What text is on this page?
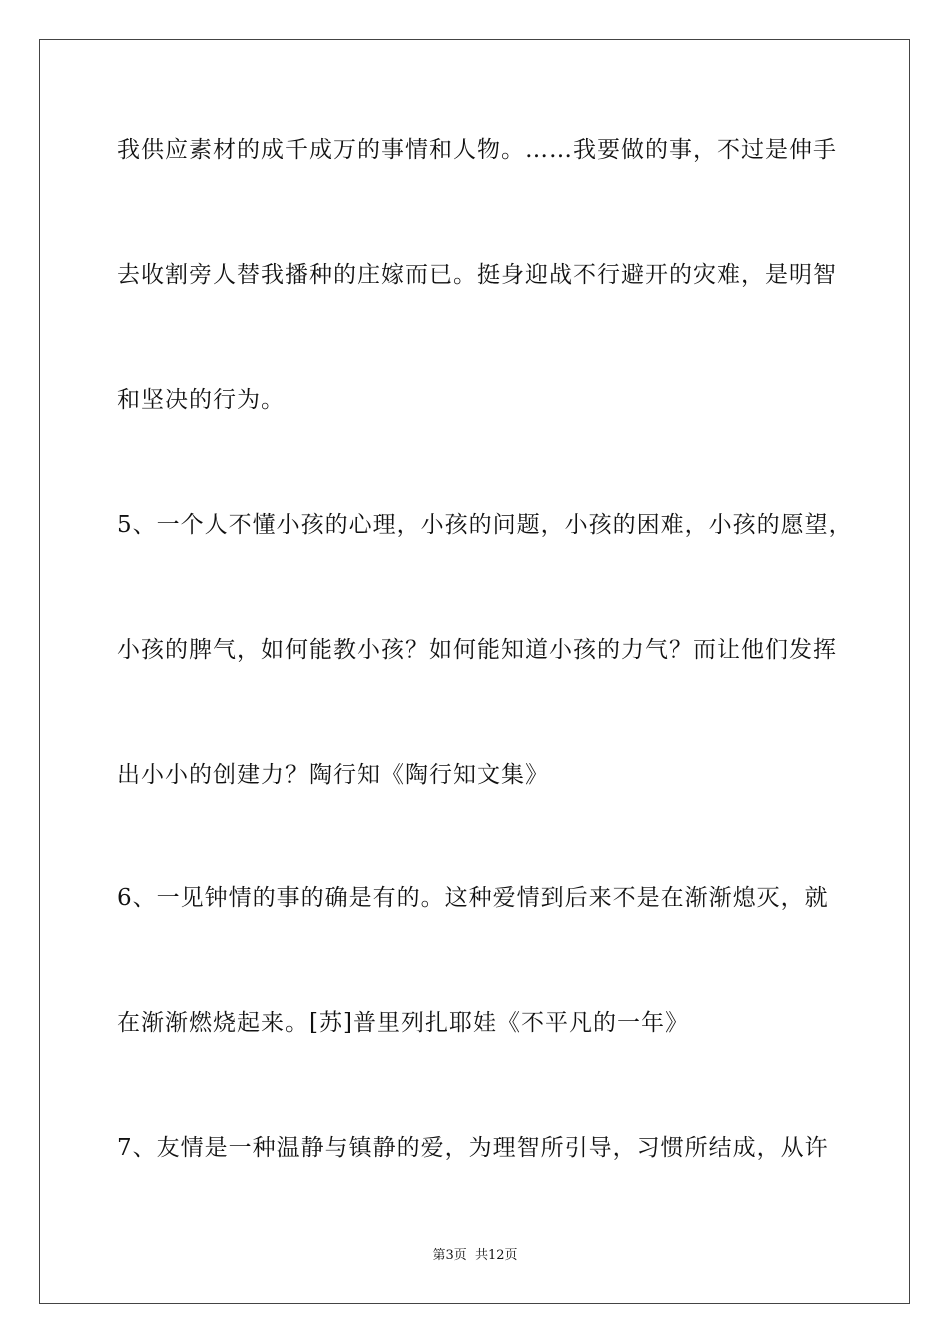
我供应素材的成千成万的事情和人物。……我要做的事，不过是伸手
去收割旁人替我播种的庄嫁而已。挺身迎战不行避开的灾难，是明智
和坚决的行为。
5、一个人不懂小孩的心理，小孩的问题，小孩的困难，小孩的愿望，
小孩的脾气，如何能教小孩？如何能知道小孩的力气？而让他们发挥
出小小的创建力？陶行知《陶行知文集》
6、一见钟情的事的确是有的。这种爱情到后来不是在渐渐熄灭，就
在渐渐燃烧起来。[苏]普里列扎耶娃《不平凡的一年》
7、友情是一种温静与镇静的爱，为理智所引导，习惯所结成，从许
第3页 共12页
